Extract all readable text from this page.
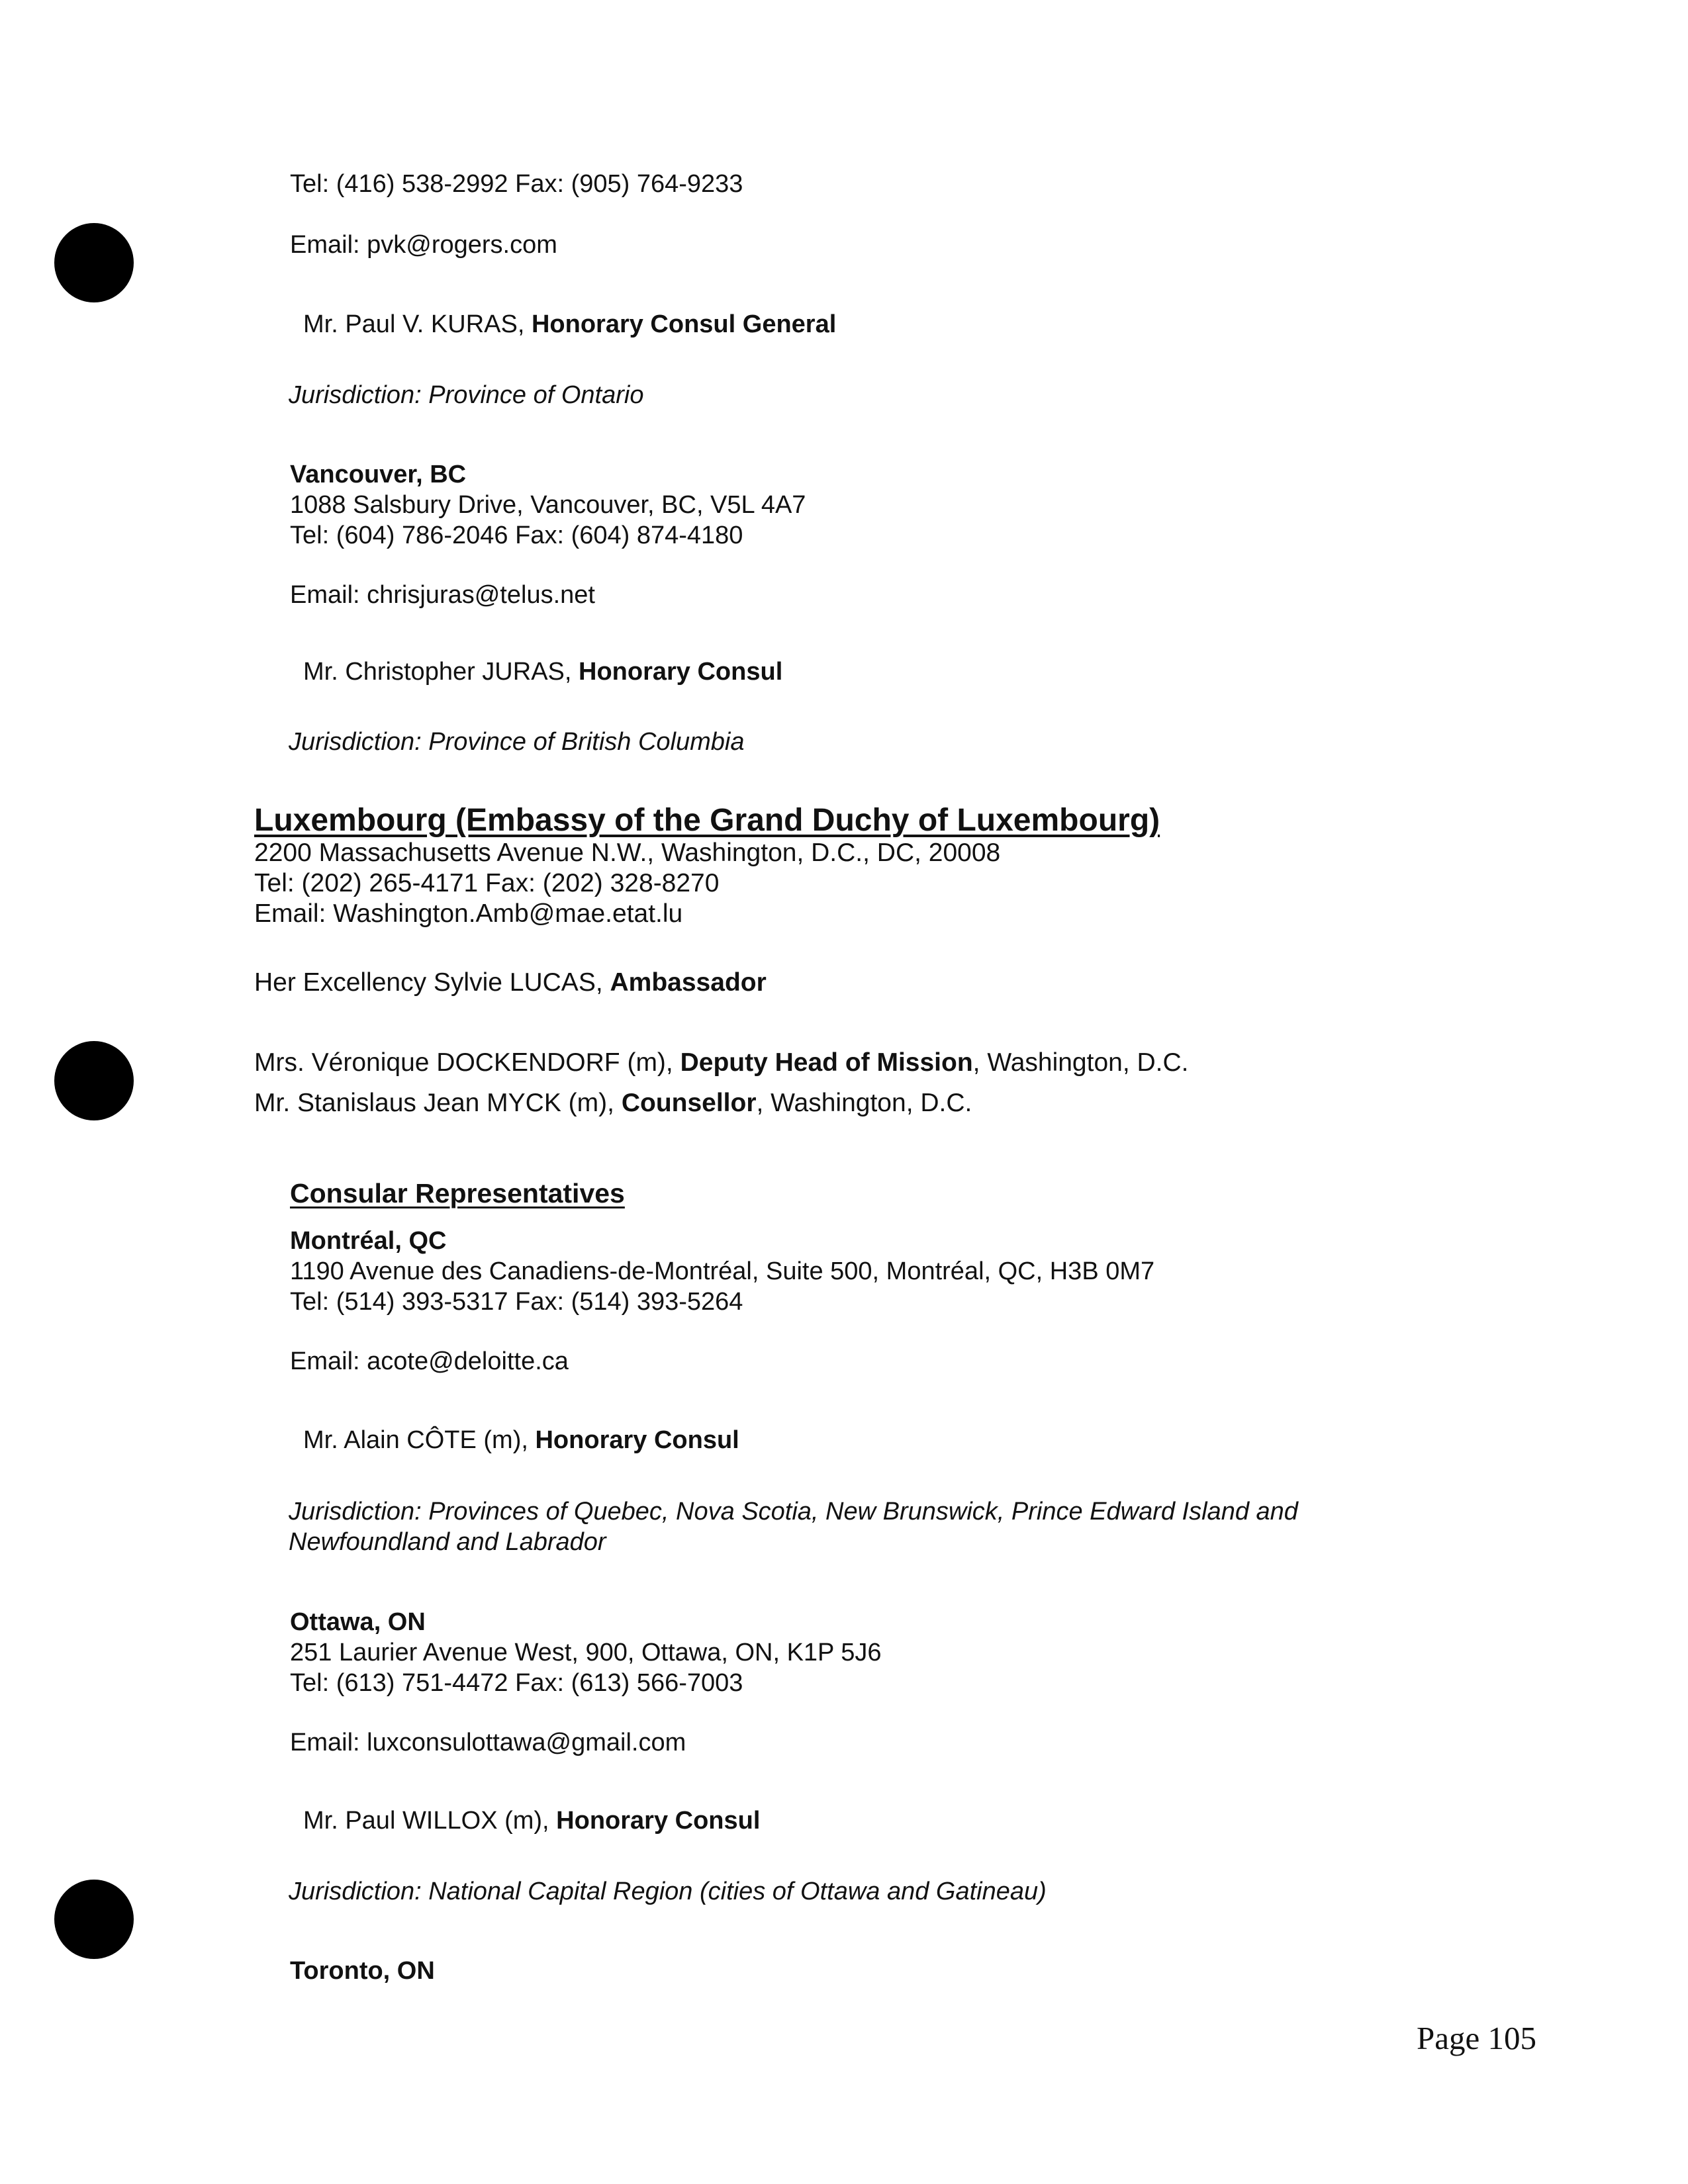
Tel: (416) 538-2992 Fax: (905) 764-9233
Email: pvk@rogers.com
Mr. Paul V. KURAS, Honorary Consul General
Jurisdiction: Province of Ontario
Vancouver, BC
1088 Salsbury Drive, Vancouver, BC, V5L 4A7
Tel: (604) 786-2046 Fax: (604) 874-4180
Email: chrisjuras@telus.net
Mr. Christopher JURAS, Honorary Consul
Jurisdiction: Province of British Columbia
Luxembourg (Embassy of the Grand Duchy of Luxembourg)
2200 Massachusetts Avenue N.W., Washington, D.C., DC, 20008
Tel: (202) 265-4171 Fax: (202) 328-8270
Email: Washington.Amb@mae.etat.lu
Her Excellency Sylvie LUCAS, Ambassador
Mrs. Véronique DOCKENDORF (m), Deputy Head of Mission, Washington, D.C.
Mr. Stanislaus Jean MYCK (m), Counsellor, Washington, D.C.
Consular Representatives
Montréal, QC
1190 Avenue des Canadiens-de-Montréal, Suite 500, Montréal, QC, H3B 0M7
Tel: (514) 393-5317 Fax: (514) 393-5264
Email: acote@deloitte.ca
Mr. Alain CÔTE (m), Honorary Consul
Jurisdiction: Provinces of Quebec, Nova Scotia, New Brunswick, Prince Edward Island and
Newfoundland and Labrador
Ottawa, ON
251 Laurier Avenue West, 900, Ottawa, ON, K1P 5J6
Tel: (613) 751-4472 Fax: (613) 566-7003
Email: luxconsulottawa@gmail.com
Mr. Paul WILLOX (m), Honorary Consul
Jurisdiction: National Capital Region (cities of Ottawa and Gatineau)
Toronto, ON
Page 105
